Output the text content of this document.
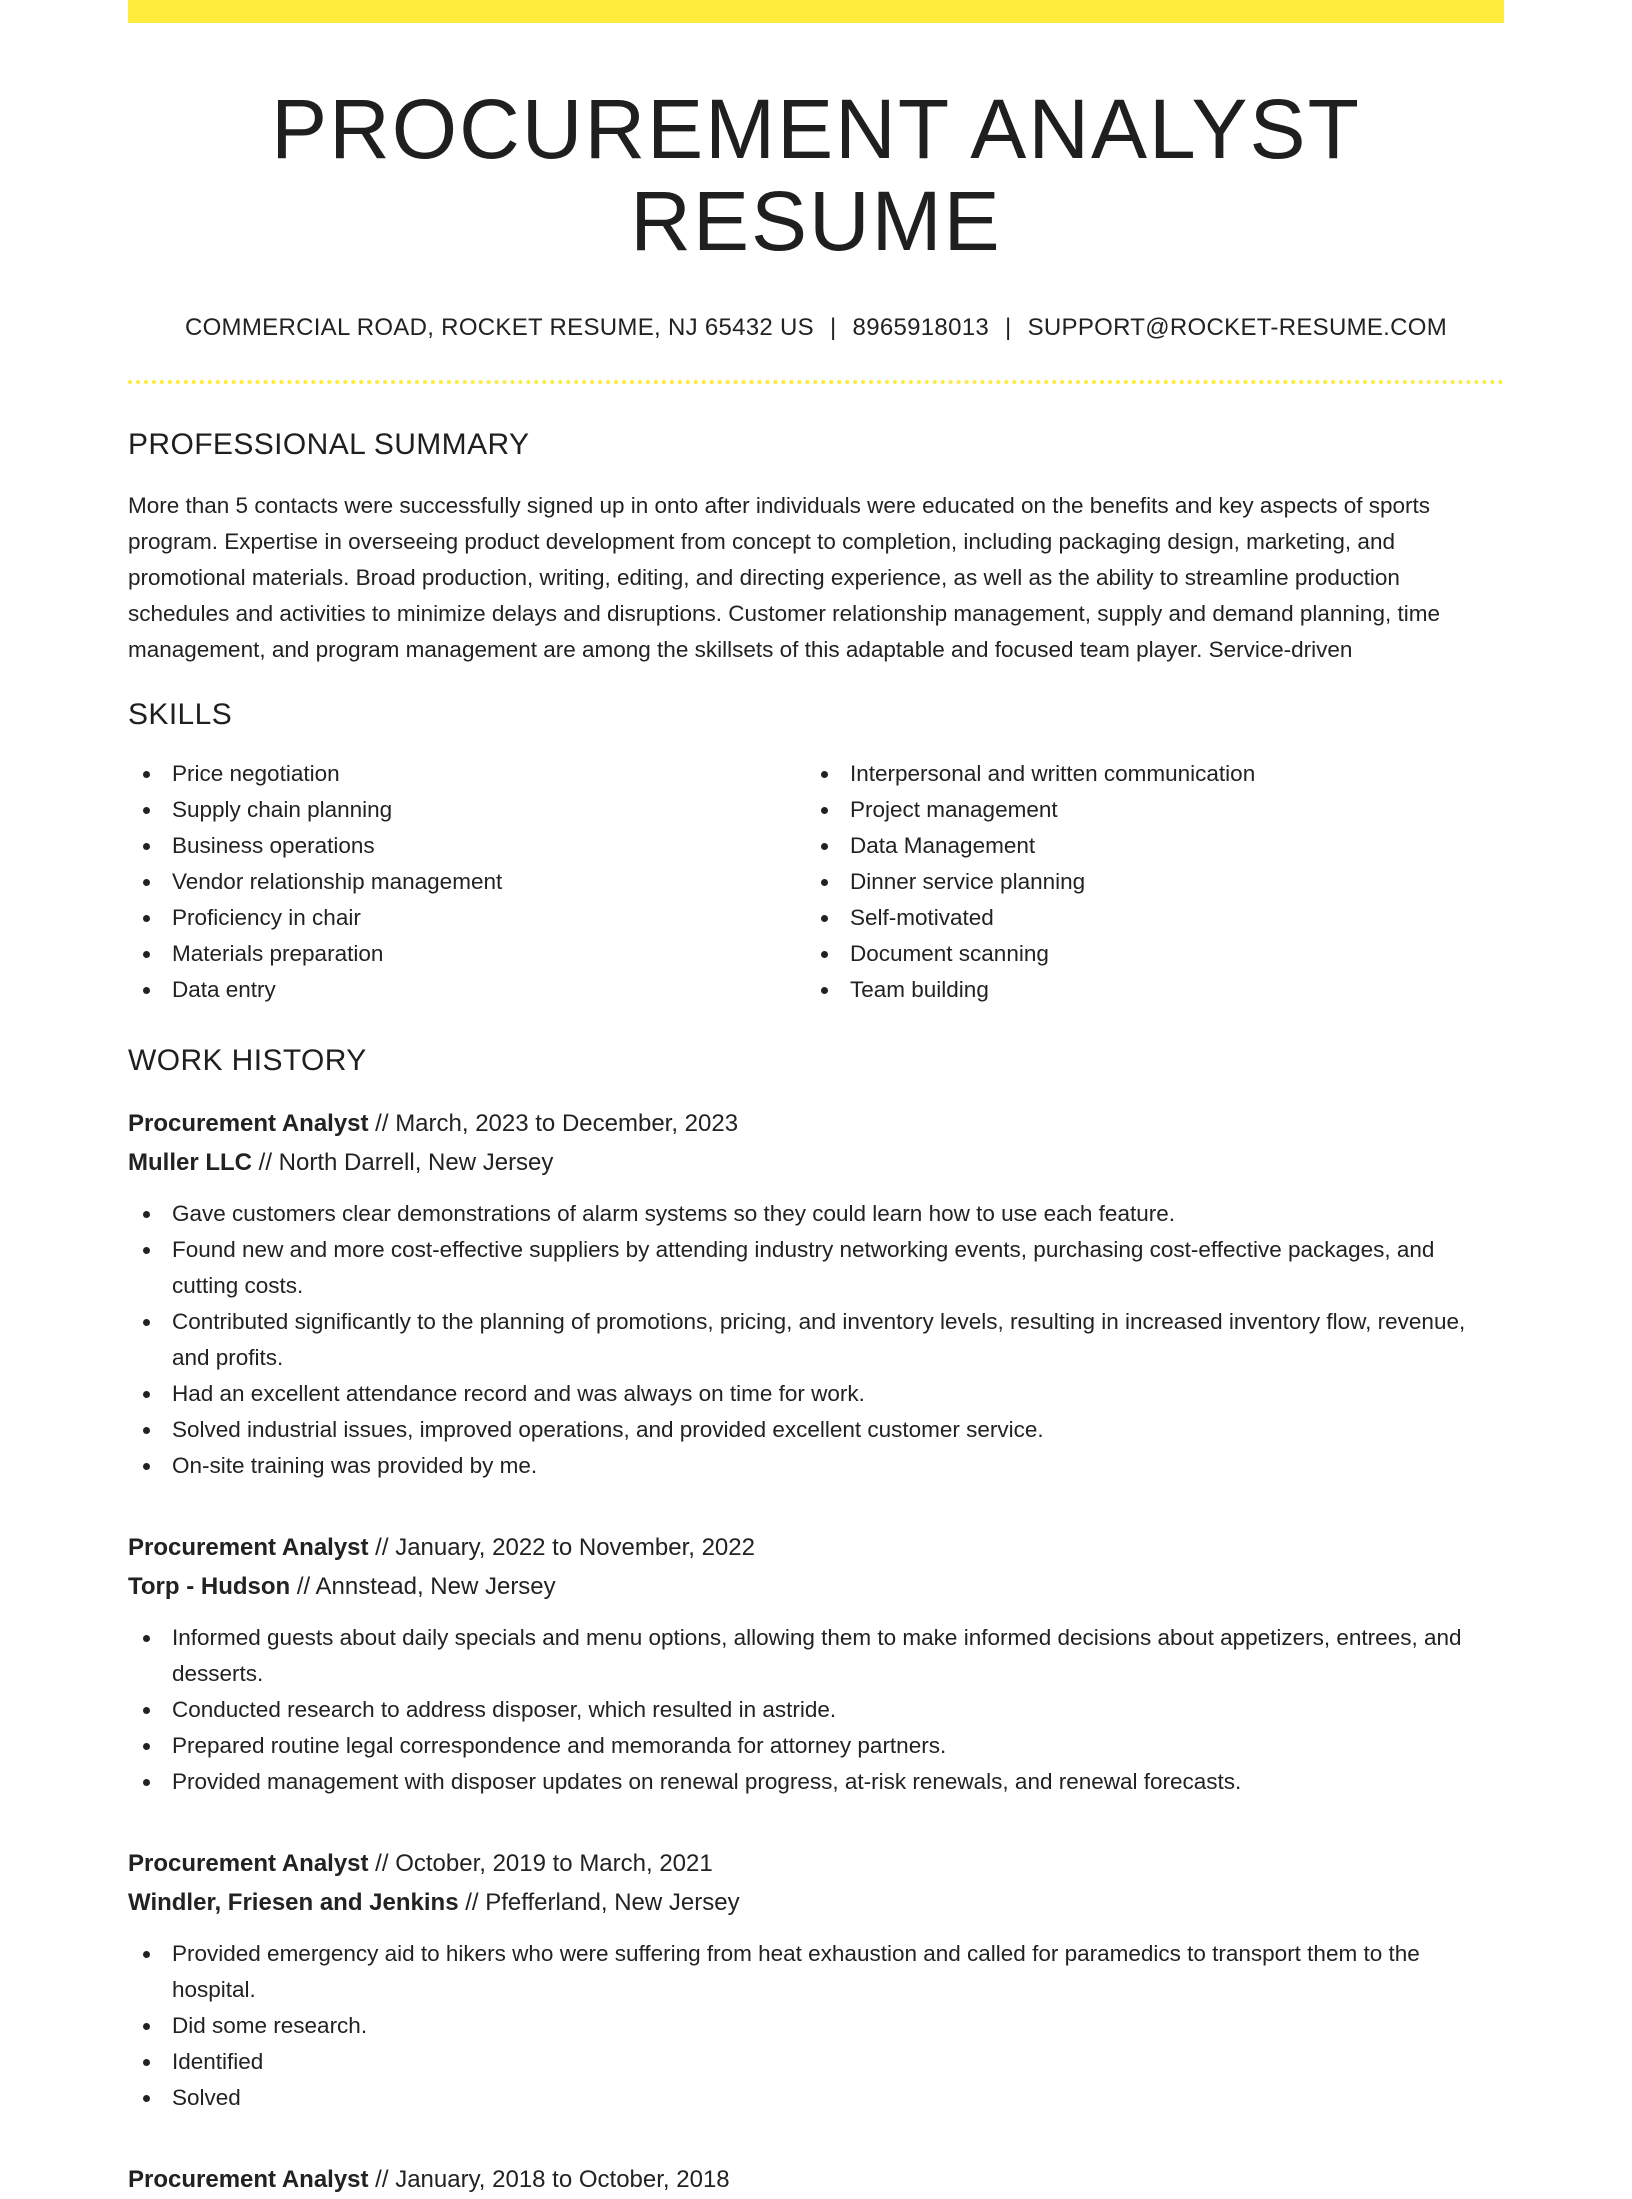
PROCUREMENT ANALYST RESUME
COMMERCIAL ROAD, ROCKET RESUME, NJ 65432 US | 8965918013 | SUPPORT@ROCKET-RESUME.COM
PROFESSIONAL SUMMARY

More than 5 contacts were successfully signed up in onto after individuals were educated on the benefits and key aspects of sports program. Expertise in overseeing product development from concept to completion, including packaging design, marketing, and promotional materials. Broad production, writing, editing, and directing experience, as well as the ability to streamline production schedules and activities to minimize delays and disruptions. Customer relationship management, supply and demand planning, time management, and program management are among the skillsets of this adaptable and focused team player. Service-driven

SKILLS
Price negotiation
Supply chain planning
Business operations
Vendor relationship management
Proficiency in chair
Materials preparation
Data entry
Interpersonal and written communication
Project management
Data Management
Dinner service planning
Self-motivated
Document scanning
Team building
WORK HISTORY
Procurement Analyst // March, 2023 to December, 2023
Muller LLC // North Darrell, New Jersey
Gave customers clear demonstrations of alarm systems so they could learn how to use each feature.
Found new and more cost-effective suppliers by attending industry networking events, purchasing cost-effective packages, and cutting costs.
Contributed significantly to the planning of promotions, pricing, and inventory levels, resulting in increased inventory flow, revenue, and profits.
Had an excellent attendance record and was always on time for work.
Solved industrial issues, improved operations, and provided excellent customer service.
On-site training was provided by me.
Procurement Analyst // January, 2022 to November, 2022
Torp - Hudson // Annstead, New Jersey
Informed guests about daily specials and menu options, allowing them to make informed decisions about appetizers, entrees, and desserts.
Conducted research to address disposer, which resulted in astride.
Prepared routine legal correspondence and memoranda for attorney partners.
Provided management with disposer updates on renewal progress, at-risk renewals, and renewal forecasts.
Procurement Analyst // October, 2019 to March, 2021
Windler, Friesen and Jenkins // Pfefferland, New Jersey
Provided emergency aid to hikers who were suffering from heat exhaustion and called for paramedics to transport them to the hospital.
Did some research.
Identified
Solved
Procurement Analyst // January, 2018 to October, 2018
